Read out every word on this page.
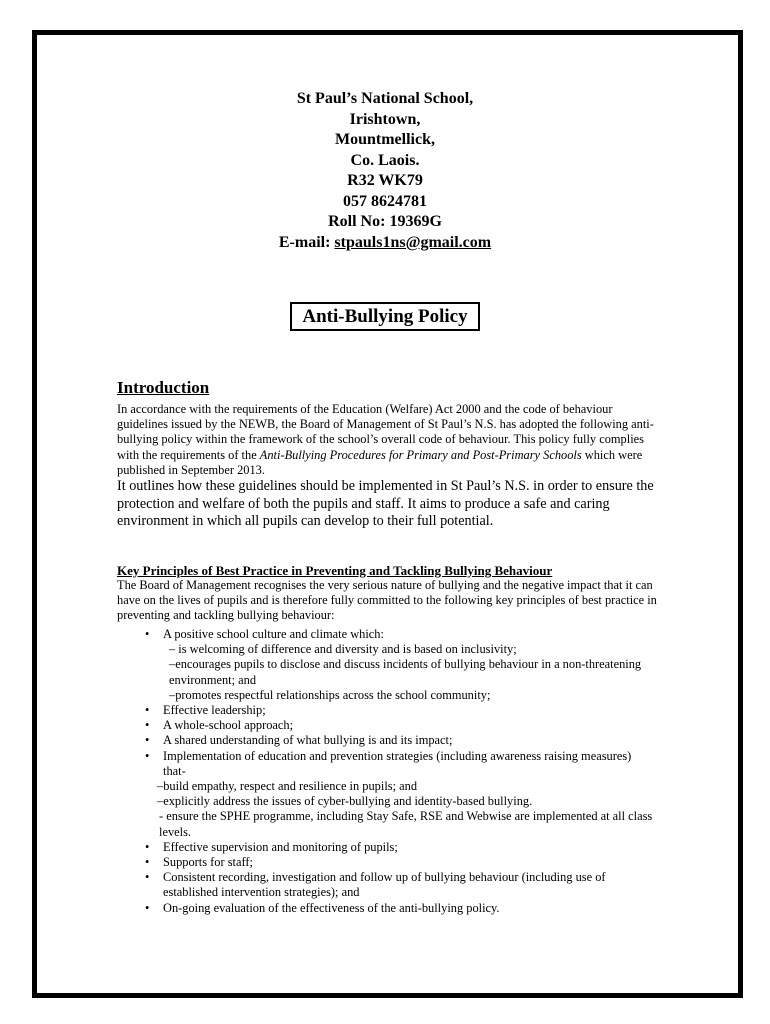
St Paul’s National School,
Irishtown,
Mountmellick,
Co. Laois.
R32 WK79
057 8624781
Roll No: 19369G
E-mail: stpauls1ns@gmail.com
Anti-Bullying Policy
Introduction
In accordance with the requirements of the Education (Welfare) Act 2000 and the code of behaviour guidelines issued by the NEWB, the Board of Management of St Paul’s N.S. has adopted the following anti-bullying policy within the framework of the school’s overall code of behaviour. This policy fully complies with the requirements of the Anti-Bullying Procedures for Primary and Post-Primary Schools which were published in September 2013.
It outlines how these guidelines should be implemented in St Paul’s N.S. in order to ensure the protection and welfare of both the pupils and staff. It aims to produce a safe and caring environment in which all pupils can develop to their full potential.
Key Principles of Best Practice in Preventing and Tackling Bullying Behaviour
The Board of Management recognises the very serious nature of bullying and the negative impact that it can have on the lives of pupils and is therefore fully committed to the following key principles of best practice in preventing and tackling bullying behaviour:
• A positive school culture and climate which:
– is welcoming of difference and diversity and is based on inclusivity;
–encourages pupils to disclose and discuss incidents of bullying behaviour in a non-threatening environment; and
–promotes respectful relationships across the school community;
• Effective leadership;
• A whole-school approach;
• A shared understanding of what bullying is and its impact;
• Implementation of education and prevention strategies (including awareness raising measures) that-
–build empathy, respect and resilience in pupils; and
–explicitly address the issues of cyber-bullying and identity-based bullying.
- ensure the SPHE programme, including Stay Safe, RSE and Webwise are implemented at all class levels.
• Effective supervision and monitoring of pupils;
• Supports for staff;
• Consistent recording, investigation and follow up of bullying behaviour (including use of established intervention strategies); and
• On-going evaluation of the effectiveness of the anti-bullying policy.
